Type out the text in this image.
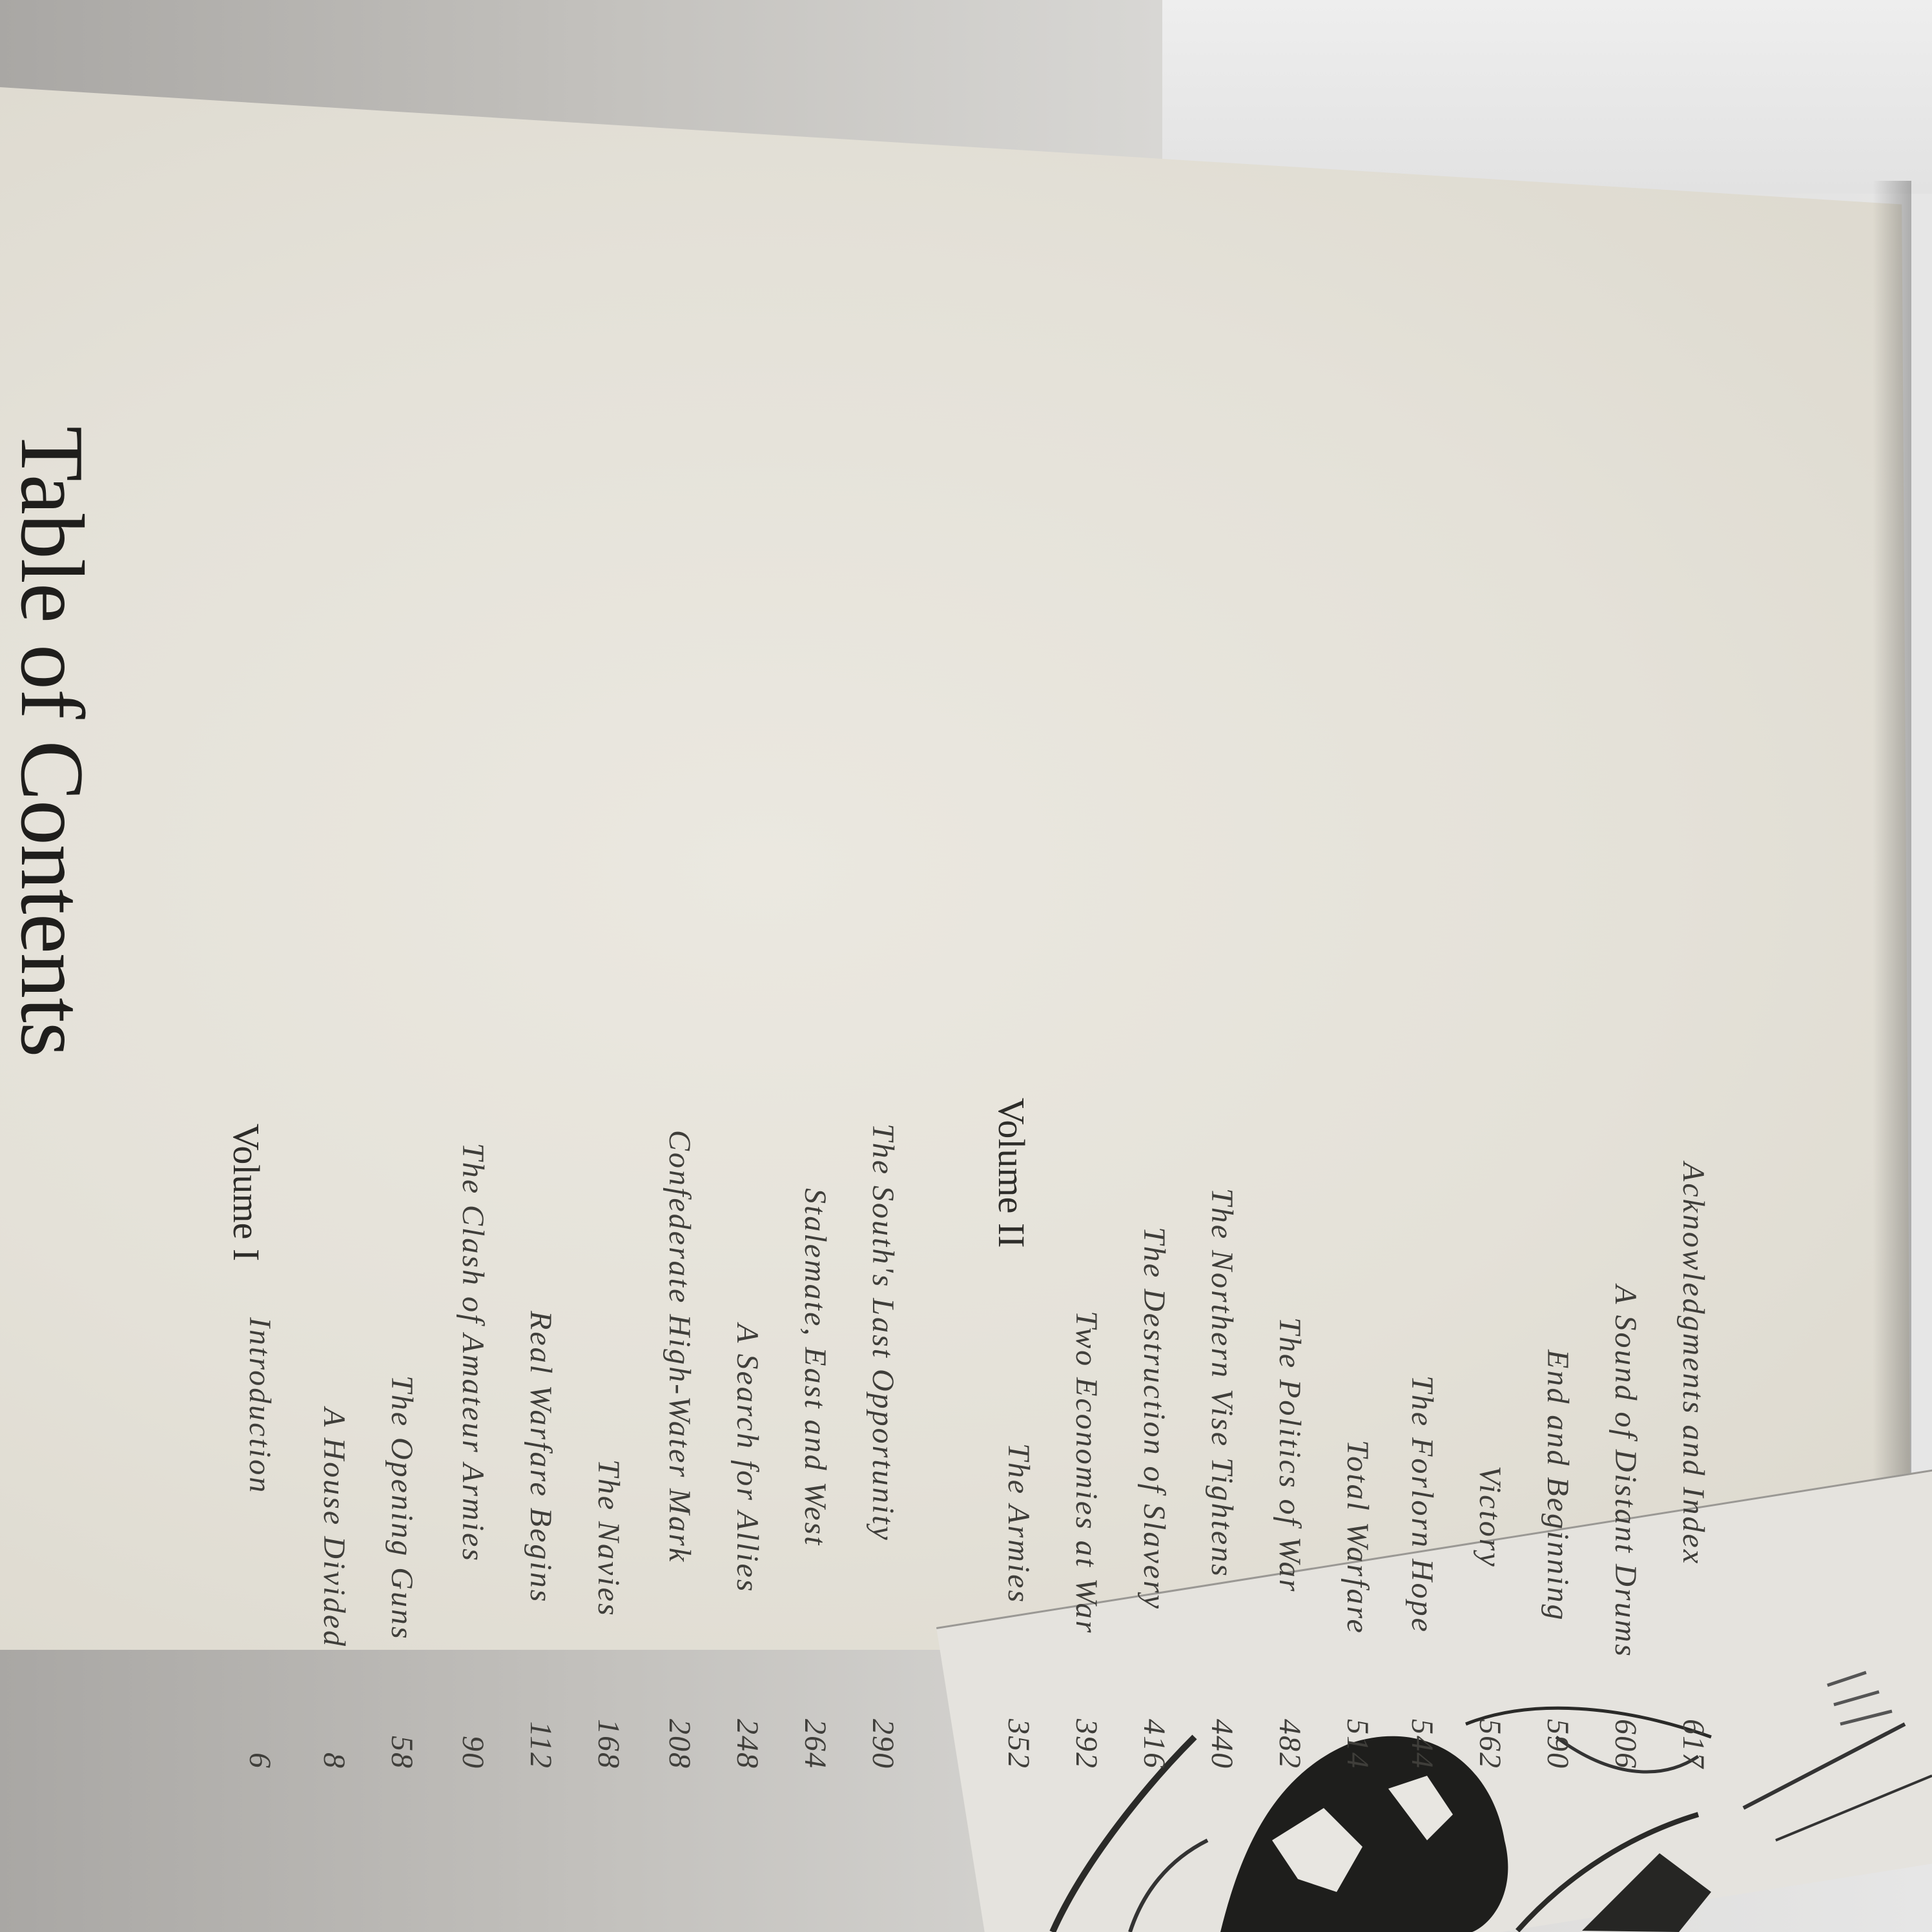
Table of Contents
Volume I
Introduction
6
A House Divided
8
The Opening Guns
58
The Clash of Amateur Armies
90
Real Warfare Begins
112
The Navies
168
Confederate High-Water Mark
208
A Search for Allies
248
Stalemate, East and West
264
The South's Last Opportunity
290
Volume II
The Armies
352
Two Economies at War
392
The Destruction of Slavery
416
The Northern Vise Tightens
440
The Politics of War
482
Total Warfare
514
The Forlorn Hope
544
Victory
562
End and Beginning
590
A Sound of Distant Drums
606
Acknowledgments and Index
617
